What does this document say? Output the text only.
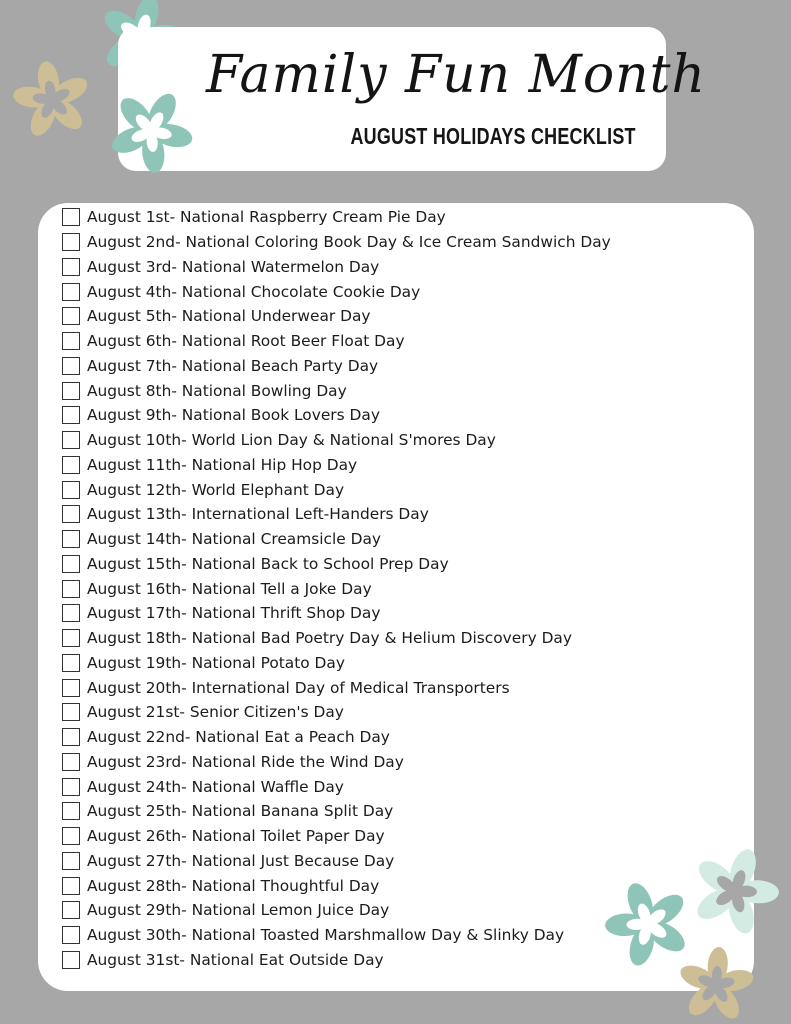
Family Fun Month
AUGUST HOLIDAYS CHECKLIST
August 1st- National Raspberry Cream Pie Day
August 2nd- National Coloring Book Day & Ice Cream Sandwich Day
August 3rd- National Watermelon Day
August 4th- National Chocolate Cookie Day
August 5th- National Underwear Day
August 6th- National Root Beer Float Day
August 7th- National Beach Party Day
August 8th- National Bowling Day
August 9th- National Book Lovers Day
August 10th- World Lion Day & National S'mores Day
August 11th- National Hip Hop Day
August 12th- World Elephant Day
August 13th- International Left-Handers Day
August 14th- National Creamsicle Day
August 15th- National Back to School Prep Day
August 16th- National Tell a Joke Day
August 17th- National Thrift Shop Day
August 18th- National Bad Poetry Day & Helium Discovery Day
August 19th- National Potato Day
August 20th- International Day of Medical Transporters
August 21st- Senior Citizen's Day
August 22nd- National Eat a Peach Day
August 23rd- National Ride the Wind Day
August 24th- National Waffle Day
August 25th- National Banana Split Day
August 26th- National Toilet Paper Day
August 27th- National Just Because Day
August 28th- National Thoughtful Day
August 29th- National Lemon Juice Day
August 30th- National Toasted Marshmallow Day & Slinky Day
August 31st- National Eat Outside Day
